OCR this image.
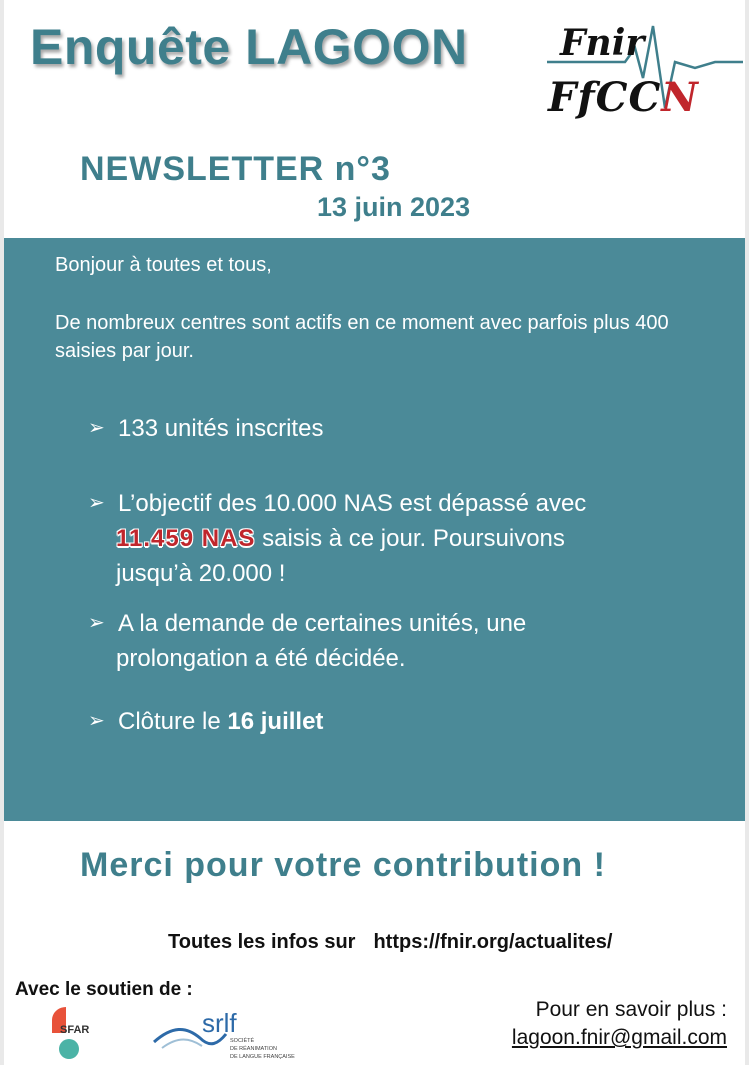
Enquête LAGOON	Fnir
FfCCN
NEWSLETTER n°3
13 juin 2023
Bonjour à toutes et tous,
De nombreux centres sont actifs en ce moment avec parfois plus 400 saisies par jour.
➢ 133 unités inscrites
➢ L’objectif des 10.000 NAS est dépassé avec
11.459 NAS saisis à ce jour. Poursuivons
jusqu’à 20.000 !
➢ A la demande de certaines unités, une
prolongation a été décidée.
➢ Clôture le 16 juillet
Merci pour votre contribution !
Toutes les infos sur https://fnir.org/actualites/
Avec le soutien de :
Pour en savoir plus :
lagoon.fnir@gmail.com
SFAR	srlf
SOCIÉTÉ
DE RÉANIMATION
DE LANGUE FRANÇAISE
